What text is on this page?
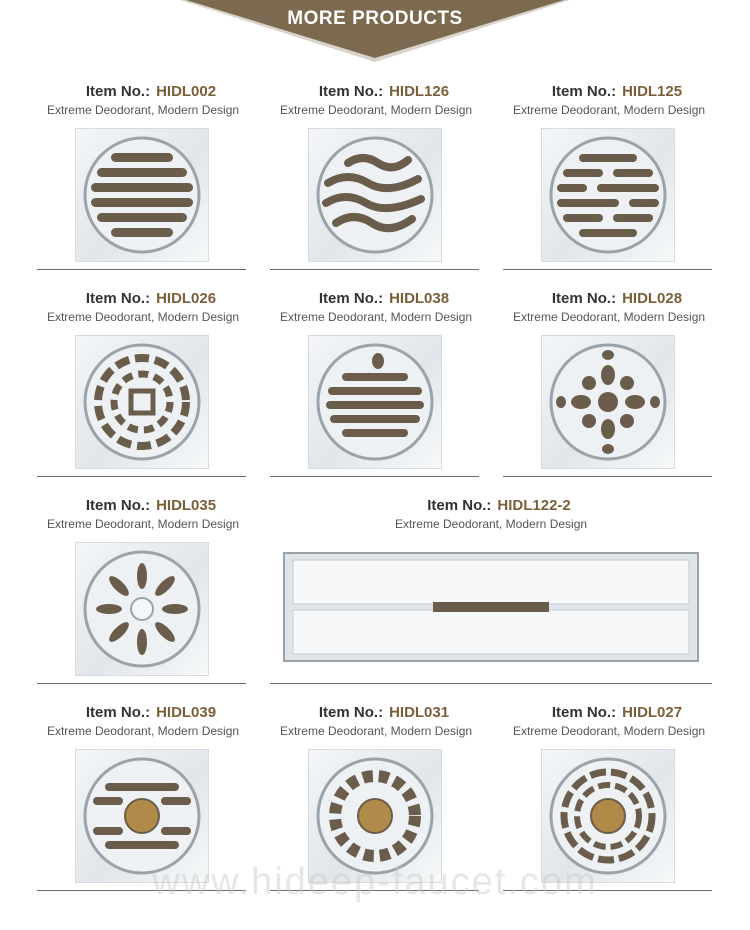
MORE PRODUCTS
Item No.: HIDL002
Extreme Deodorant, Modern Design
Item No.: HIDL126
Extreme Deodorant, Modern Design
Item No.: HIDL125
Extreme Deodorant, Modern Design
Item No.: HIDL026
Extreme Deodorant, Modern Design
Item No.: HIDL038
Extreme Deodorant, Modern Design
Item No.: HIDL028
Extreme Deodorant, Modern Design
Item No.: HIDL035
Extreme Deodorant, Modern Design
Item No.: HIDL122-2
Extreme Deodorant, Modern Design
Item No.: HIDL039
Extreme Deodorant, Modern Design
Item No.: HIDL031
Extreme Deodorant, Modern Design
Item No.: HIDL027
Extreme Deodorant, Modern Design
www.hideep-faucet.com
